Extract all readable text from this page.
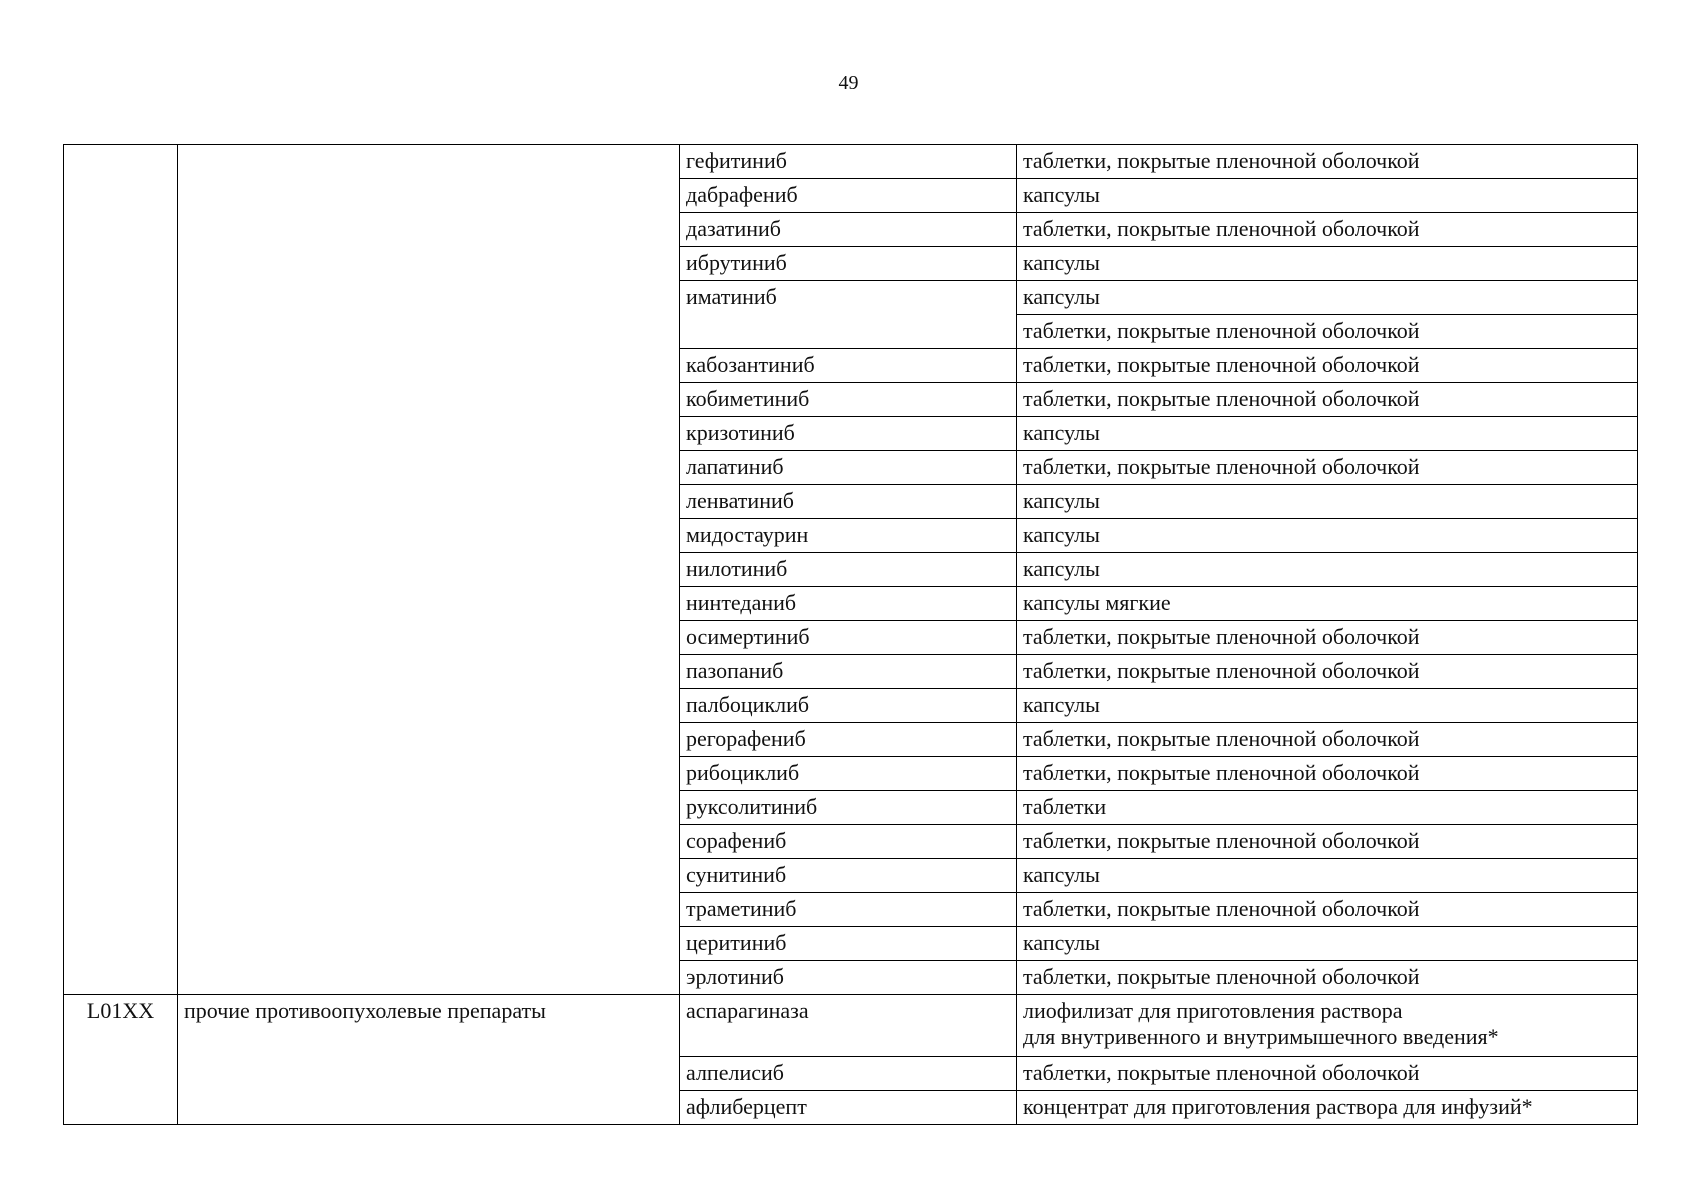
49
		гефитиниб	таблетки, покрытые пленочной оболочкой
		дабрафениб	капсулы
		дазатиниб	таблетки, покрытые пленочной оболочкой
		ибрутиниб	капсулы
		иматиниб	капсулы
			таблетки, покрытые пленочной оболочкой
		кабозантиниб	таблетки, покрытые пленочной оболочкой
		кобиметиниб	таблетки, покрытые пленочной оболочкой
		кризотиниб	капсулы
		лапатиниб	таблетки, покрытые пленочной оболочкой
		ленватиниб	капсулы
		мидостаурин	капсулы
		нилотиниб	капсулы
		нинтеданиб	капсулы мягкие
		осимертиниб	таблетки, покрытые пленочной оболочкой
		пазопаниб	таблетки, покрытые пленочной оболочкой
		палбоциклиб	капсулы
		регорафениб	таблетки, покрытые пленочной оболочкой
		рибоциклиб	таблетки, покрытые пленочной оболочкой
		руксолитиниб	таблетки
		сорафениб	таблетки, покрытые пленочной оболочкой
		сунитиниб	капсулы
		траметиниб	таблетки, покрытые пленочной оболочкой
		церитиниб	капсулы
		эрлотиниб	таблетки, покрытые пленочной оболочкой
L01XX	прочие противоопухолевые препараты	аспарагиназа	лиофилизат для приготовления раствора
для внутривенного и внутримышечного введения*

		алпелисиб	таблетки, покрытые пленочной оболочкой
		афлиберцепт	концентрат для приготовления раствора для инфузий*
